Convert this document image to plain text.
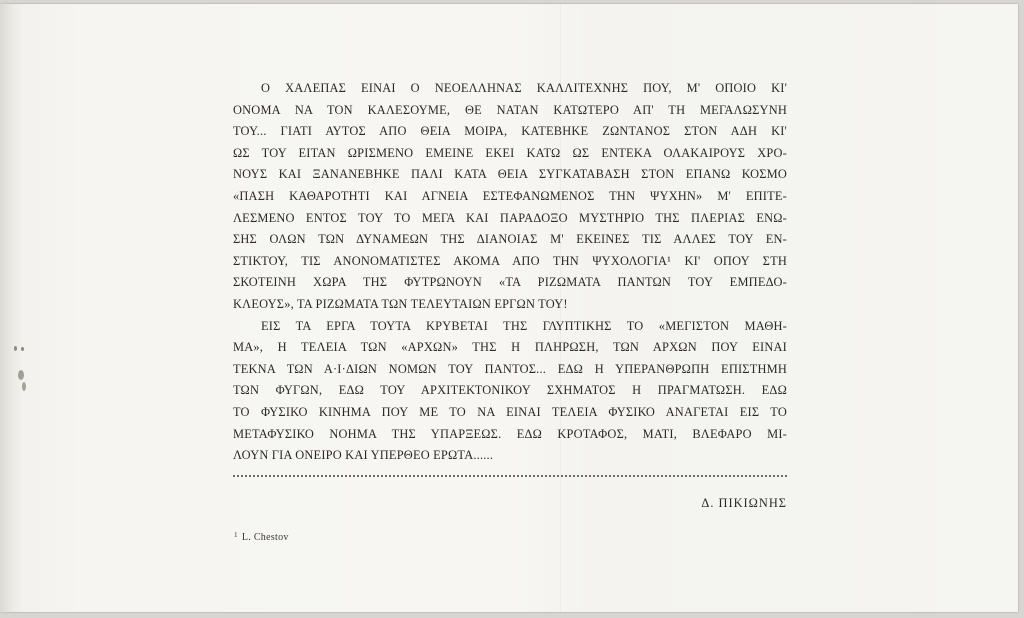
Ο ΧΑΛΕΠΑΣ ΕΙΝΑΙ Ο ΝΕΟΕΛΛΗΝΑΣ ΚΑΛΛΙΤΕΧΝΗΣ ΠΟΥ, Μ' ΟΠΟΙΟ ΚΙ'

ΟΝΟΜΑ ΝΑ ΤΟΝ ΚΑΛΕΣΟΥΜΕ, ΘΕ ΝΑΤΑΝ ΚΑΤΩΤΕΡΟ ΑΠ' ΤΗ ΜΕΓΑΛΩΣΥΝΗ

ΤΟΥ... ΓΙΑΤΙ ΑΥΤΟΣ ΑΠΟ ΘΕΙΑ ΜΟΙΡΑ, ΚΑΤΕΒΗΚΕ ΖΩΝΤΑΝΟΣ ΣΤΟΝ ΑΔΗ ΚΙ'

ΩΣ ΤΟΥ ΕΙΤΑΝ ΩΡΙΣΜΕΝΟ ΕΜΕΙΝΕ ΕΚΕΙ ΚΑΤΩ ΩΣ ΕΝΤΕΚΑ ΟΛΑΚΑΙΡΟΥΣ ΧΡΟ-

ΝΟΥΣ ΚΑΙ ΞΑΝΑΝΕΒΗΚΕ ΠΑΛΙ ΚΑΤΑ ΘΕΙΑ ΣΥΓΚΑΤΑΒΑΣΗ ΣΤΟΝ ΕΠΑΝΩ ΚΟΣΜΟ

«ΠΑΣΗ ΚΑΘΑΡΟΤΗΤΙ ΚΑΙ ΑΓΝΕΙΑ ΕΣΤΕΦΑΝΩΜΕΝΟΣ ΤΗΝ ΨΥΧΗΝ» Μ' ΕΠΙΤΕ-

ΛΕΣΜΕΝΟ ΕΝΤΟΣ ΤΟΥ ΤΟ ΜΕΓΑ ΚΑΙ ΠΑΡΑΔΟΞΟ ΜΥΣΤΗΡΙΟ ΤΗΣ ΠΛΕΡΙΑΣ ΕΝΩ-

ΣΗΣ ΟΛΩΝ ΤΩΝ ΔΥΝΑΜΕΩΝ ΤΗΣ ΔΙΑΝΟΙΑΣ Μ' ΕΚΕΙΝΕΣ ΤΙΣ ΑΛΛΕΣ ΤΟΥ ΕΝ-

ΣΤΙΚΤΟΥ, ΤΙΣ ΑΝΟΝΟΜΑΤΙΣΤΕΣ ΑΚΟΜΑ ΑΠΟ ΤΗΝ ΨΥΧΟΛΟΓΙΑ¹ ΚΙ' ΟΠΟΥ ΣΤΗ

ΣΚΟΤΕΙΝΗ ΧΩΡΑ ΤΗΣ ΦΥΤΡΩΝΟΥΝ «ΤΑ ΡΙΖΩΜΑΤΑ ΠΑΝΤΩΝ ΤΟΥ ΕΜΠΕΔΟ-

ΚΛΕΟΥΣ», ΤΑ ΡΙΖΩΜΑΤΑ ΤΩΝ ΤΕΛΕΥΤΑΙΩΝ ΕΡΓΩΝ ΤΟΥ!

ΕΙΣ ΤΑ ΕΡΓΑ ΤΟΥΤΑ ΚΡΥΒΕΤΑΙ ΤΗΣ ΓΛΥΠΤΙΚΗΣ ΤΟ «ΜΕΓΙΣΤΟΝ ΜΑΘΗ-

ΜΑ», Η ΤΕΛΕΙΑ ΤΩΝ «ΑΡΧΩΝ» ΤΗΣ Η ΠΛΗΡΩΣΗ, ΤΩΝ ΑΡΧΩΝ ΠΟΥ ΕΙΝΑΙ

ΤΕΚΝΑ ΤΩΝ Α·Ι·ΔΙΩΝ ΝΟΜΩΝ ΤΟΥ ΠΑΝΤΟΣ... ΕΔΩ Η ΥΠΕΡΑΝΘΡΩΠΗ ΕΠΙΣΤΗΜΗ

ΤΩΝ ΦΥΓΩΝ, ΕΔΩ ΤΟΥ ΑΡΧΙΤΕΚΤΟΝΙΚΟΥ ΣΧΗΜΑΤΟΣ Η ΠΡΑΓΜΑΤΩΣΗ. ΕΔΩ

ΤΟ ΦΥΣΙΚΟ ΚΙΝΗΜΑ ΠΟΥ ΜΕ ΤΟ ΝΑ ΕΙΝΑΙ ΤΕΛΕΙΑ ΦΥΣΙΚΟ ΑΝΑΓΕΤΑΙ ΕΙΣ ΤΟ

ΜΕΤΑΦΥΣΙΚΟ ΝΟΗΜΑ ΤΗΣ ΥΠΑΡΞΕΩΣ. ΕΔΩ ΚΡΟΤΑΦΟΣ, ΜΑΤΙ, ΒΛΕΦΑΡΟ ΜΙ-

ΛΟΥΝ ΓΙΑ ΟΝΕΙΡΟ ΚΑΙ ΥΠΕΡΘΕΟ ΕΡΩΤΑ......

Δ. ΠΙΚΙΩΝΗΣ
$^1$ L. Chestov
